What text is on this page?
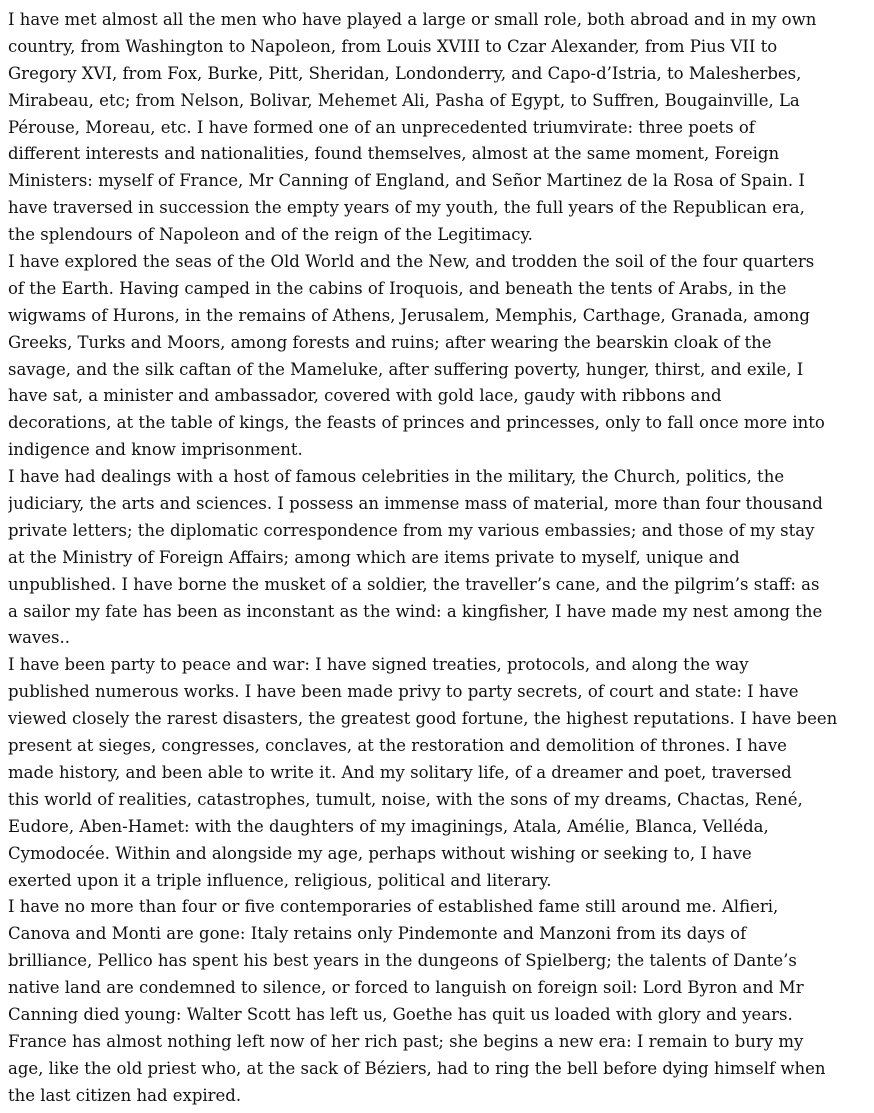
I have met almost all the men who have played a large or small role, both abroad and in my own
country, from Washington to Napoleon, from Louis XVIII to Czar Alexander, from Pius VII to
Gregory XVI, from Fox, Burke, Pitt, Sheridan, Londonderry, and Capo-d’Istria, to Malesherbes,
Mirabeau, etc; from Nelson, Bolivar, Mehemet Ali, Pasha of Egypt, to Suffren, Bougainville, La
Pérouse, Moreau, etc. I have formed one of an unprecedented triumvirate: three poets of
different interests and nationalities, found themselves, almost at the same moment, Foreign
Ministers: myself of France, Mr Canning of England, and Señor Martinez de la Rosa of Spain. I
have traversed in succession the empty years of my youth, the full years of the Republican era,
the splendours of Napoleon and of the reign of the Legitimacy.
I have explored the seas of the Old World and the New, and trodden the soil of the four quarters
of the Earth. Having camped in the cabins of Iroquois, and beneath the tents of Arabs, in the
wigwams of Hurons, in the remains of Athens, Jerusalem, Memphis, Carthage, Granada, among
Greeks, Turks and Moors, among forests and ruins; after wearing the bearskin cloak of the
savage, and the silk caftan of the Mameluke, after suffering poverty, hunger, thirst, and exile, I
have sat, a minister and ambassador, covered with gold lace, gaudy with ribbons and
decorations, at the table of kings, the feasts of princes and princesses, only to fall once more into
indigence and know imprisonment.
I have had dealings with a host of famous celebrities in the military, the Church, politics, the
judiciary, the arts and sciences. I possess an immense mass of material, more than four thousand
private letters; the diplomatic correspondence from my various embassies; and those of my stay
at the Ministry of Foreign Affairs; among which are items private to myself, unique and
unpublished. I have borne the musket of a soldier, the traveller’s cane, and the pilgrim’s staff: as
a sailor my fate has been as inconstant as the wind: a kingfisher, I have made my nest among the
waves..
I have been party to peace and war: I have signed treaties, protocols, and along the way
published numerous works. I have been made privy to party secrets, of court and state: I have
viewed closely the rarest disasters, the greatest good fortune, the highest reputations. I have been
present at sieges, congresses, conclaves, at the restoration and demolition of thrones. I have
made history, and been able to write it. And my solitary life, of a dreamer and poet, traversed
this world of realities, catastrophes, tumult, noise, with the sons of my dreams, Chactas, René,
Eudore, Aben-Hamet: with the daughters of my imaginings, Atala, Amélie, Blanca, Velléda,
Cymodocée. Within and alongside my age, perhaps without wishing or seeking to, I have
exerted upon it a triple influence, religious, political and literary.
I have no more than four or five contemporaries of established fame still around me. Alfieri,
Canova and Monti are gone: Italy retains only Pindemonte and Manzoni from its days of
brilliance, Pellico has spent his best years in the dungeons of Spielberg; the talents of Dante’s
native land are condemned to silence, or forced to languish on foreign soil: Lord Byron and Mr
Canning died young: Walter Scott has left us, Goethe has quit us loaded with glory and years.
France has almost nothing left now of her rich past; she begins a new era: I remain to bury my
age, like the old priest who, at the sack of Béziers, had to ring the bell before dying himself when
the last citizen had expired.
